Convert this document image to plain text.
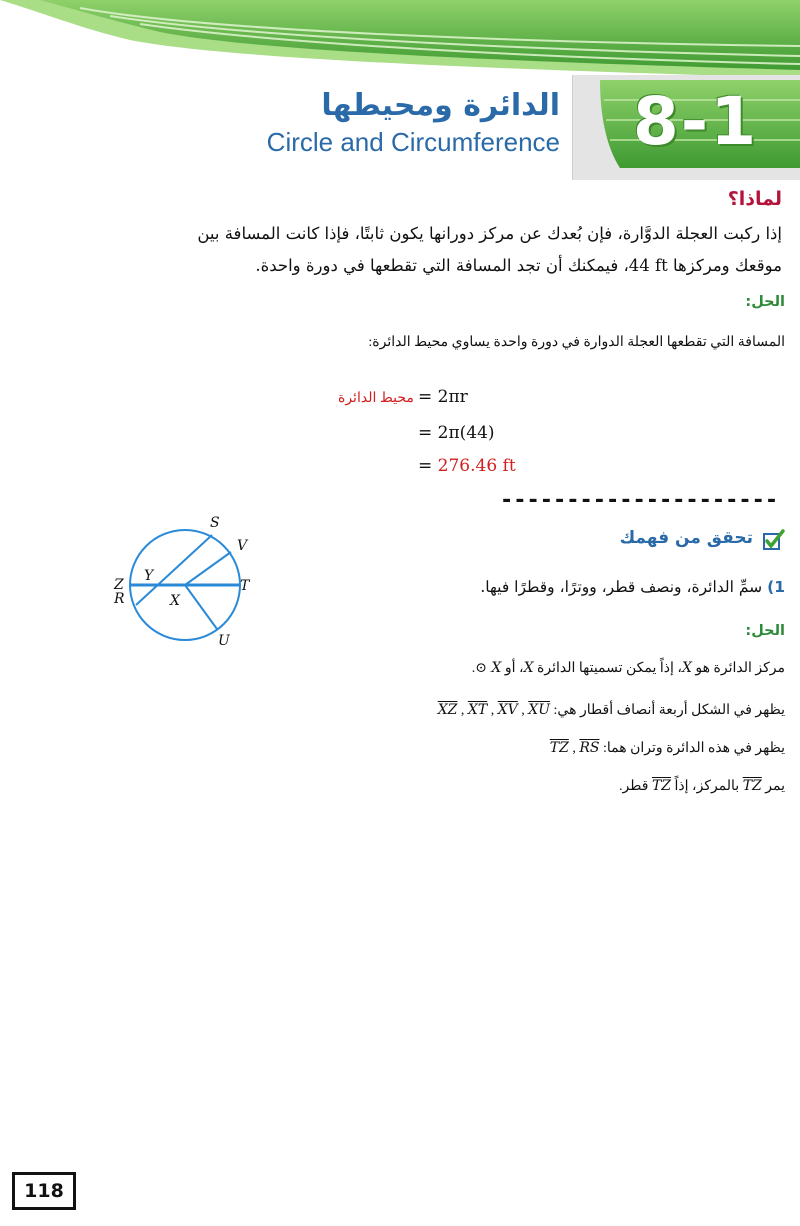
8-1
الدائرة ومحيطها
Circle and Circumference
لماذا؟
إذا ركبت العجلة الدوَّارة، فإن بُعدك عن مركز دورانها يكون ثابتًا، فإذا كانت المسافة بين
موقعك ومركزها 44 ft، فيمكنك أن تجد المسافة التي تقطعها في دورة واحدة.
الحل:
المسافة التي تقطعها العجلة الدوارة في دورة واحدة يساوي محيط الدائرة:
محيط الدائرة = 2πr
= 2π(44)
= 276.46 ft
---------------------
تحقق من فهمك
1) سمِّ الدائرة، ونصف قطر، ووترًا، وقطرًا فيها.
S
V
Z
Y
T
R	X
U
الحل:
مركز الدائرة هو X، إذاً يمكن تسميتها الدائرة X، أو ⊙ X.
يظهر في الشكل أربعة أنصاف أقطار هي: $\overline{XZ}$ , $\overline{XT}$ , $\overline{XV}$ , $\overline{XU}$
يظهر في هذه الدائرة وتران هما: $\overline{TZ}$ , $\overline{RS}$
يمر TZ بالمركز، إذاً TZ قطر.
118
